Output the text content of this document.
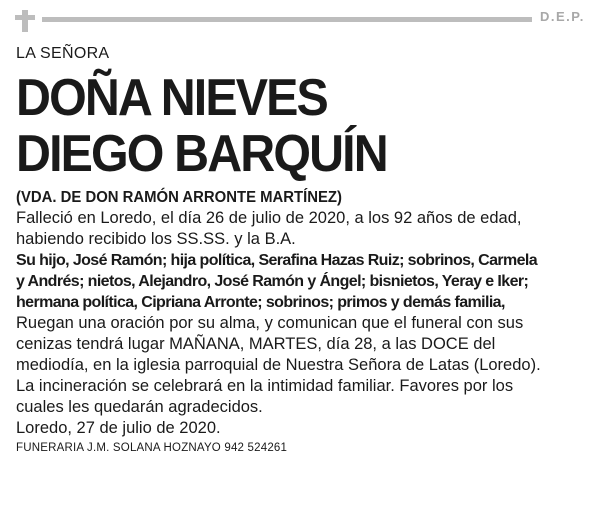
D.E.P.
LA SEÑORA
DOÑA NIEVES
DIEGO BARQUÍN
(VDA. DE DON RAMÓN ARRONTE MARTÍNEZ)
Falleció en Loredo, el día 26 de julio de 2020, a los 92 años de edad,
habiendo recibido los SS.SS. y la B.A.
Su hijo, José Ramón; hija política, Serafina Hazas Ruiz; sobrinos, Carmela
y Andrés; nietos, Alejandro, José Ramón y Ángel; bisnietos, Yeray e Iker;
hermana política, Cipriana Arronte; sobrinos; primos y demás familia,
Ruegan una oración por su alma, y comunican que el funeral con sus
cenizas tendrá lugar MAÑANA, MARTES, día 28, a las DOCE del
mediodía, en la iglesia parroquial de Nuestra Señora de Latas (Loredo).
La incineración se celebrará en la intimidad familiar. Favores por los
cuales les quedarán agradecidos.
Loredo, 27 de julio de 2020.
FUNERARIA J.M. SOLANA HOZNAYO 942 524261
